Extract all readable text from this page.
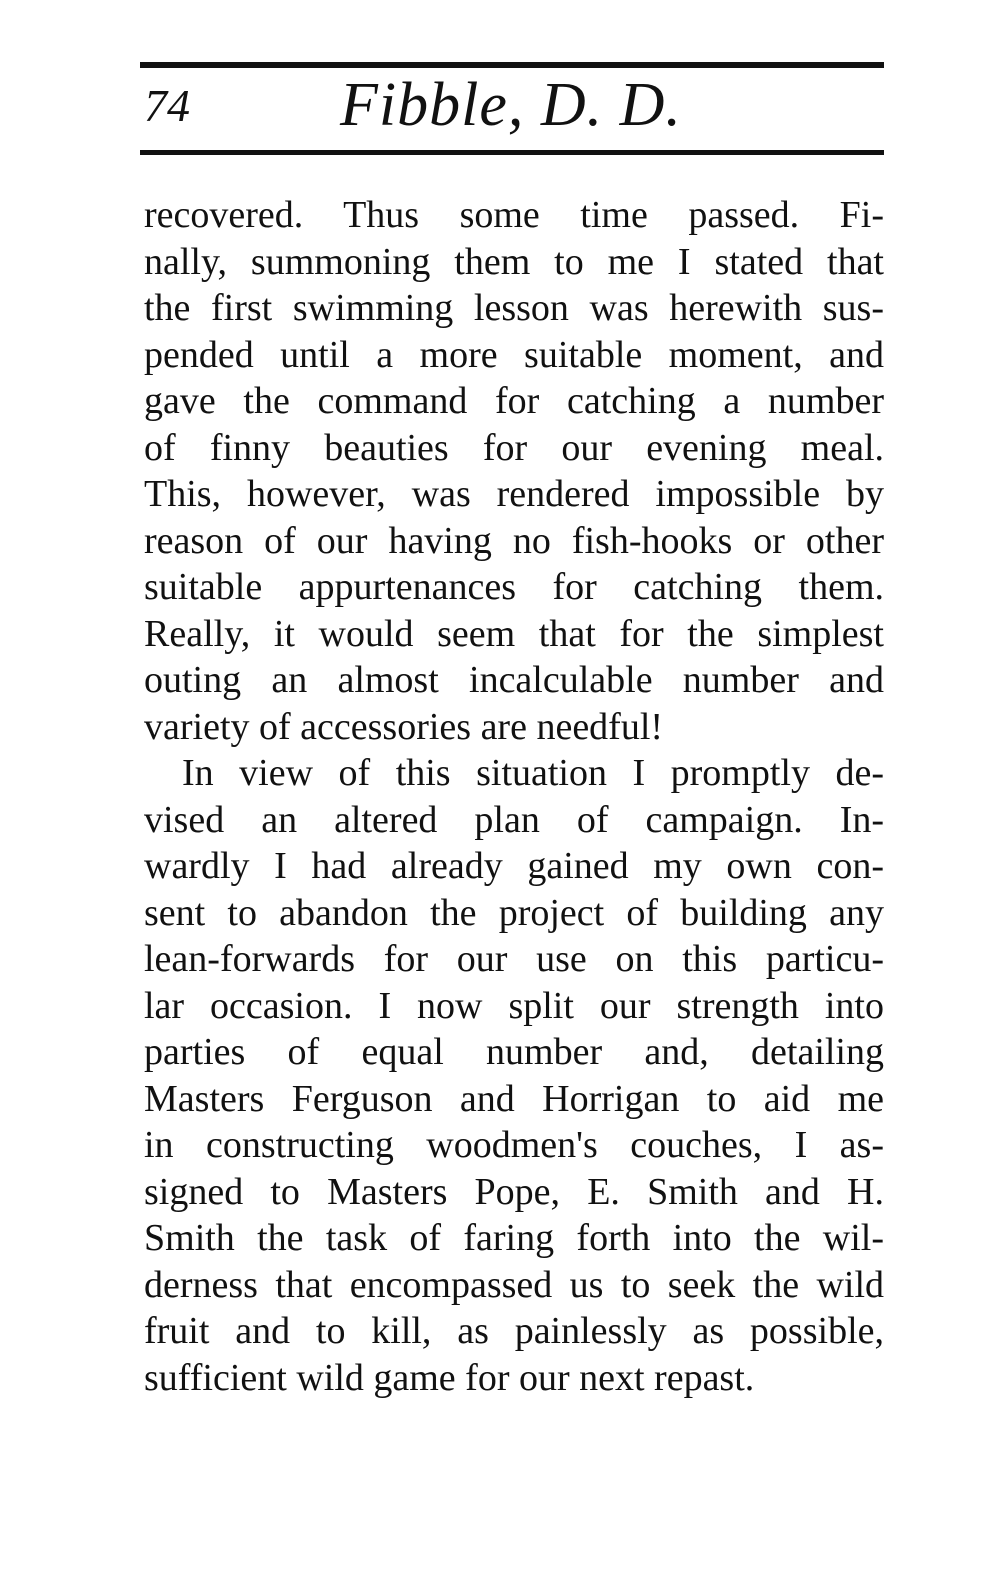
74 Fibble, D. D.
recovered. Thus some time passed. Fi-
nally, summoning them to me I stated that
the first swimming lesson was herewith sus-
pended until a more suitable moment, and
gave the command for catching a number
of finny beauties for our evening meal.
This, however, was rendered impossible by
reason of our having no fish-hooks or other
suitable appurtenances for catching them.
Really, it would seem that for the simplest
outing an almost incalculable number and
variety of accessories are needful!
In view of this situation I promptly de-
vised an altered plan of campaign. In-
wardly I had already gained my own con-
sent to abandon the project of building any
lean-forwards for our use on this particu-
lar occasion. I now split our strength into
parties of equal number and, detailing
Masters Ferguson and Horrigan to aid me
in constructing woodmen's couches, I as-
signed to Masters Pope, E. Smith and H.
Smith the task of faring forth into the wil-
derness that encompassed us to seek the wild
fruit and to kill, as painlessly as possible,
sufficient wild game for our next repast.
